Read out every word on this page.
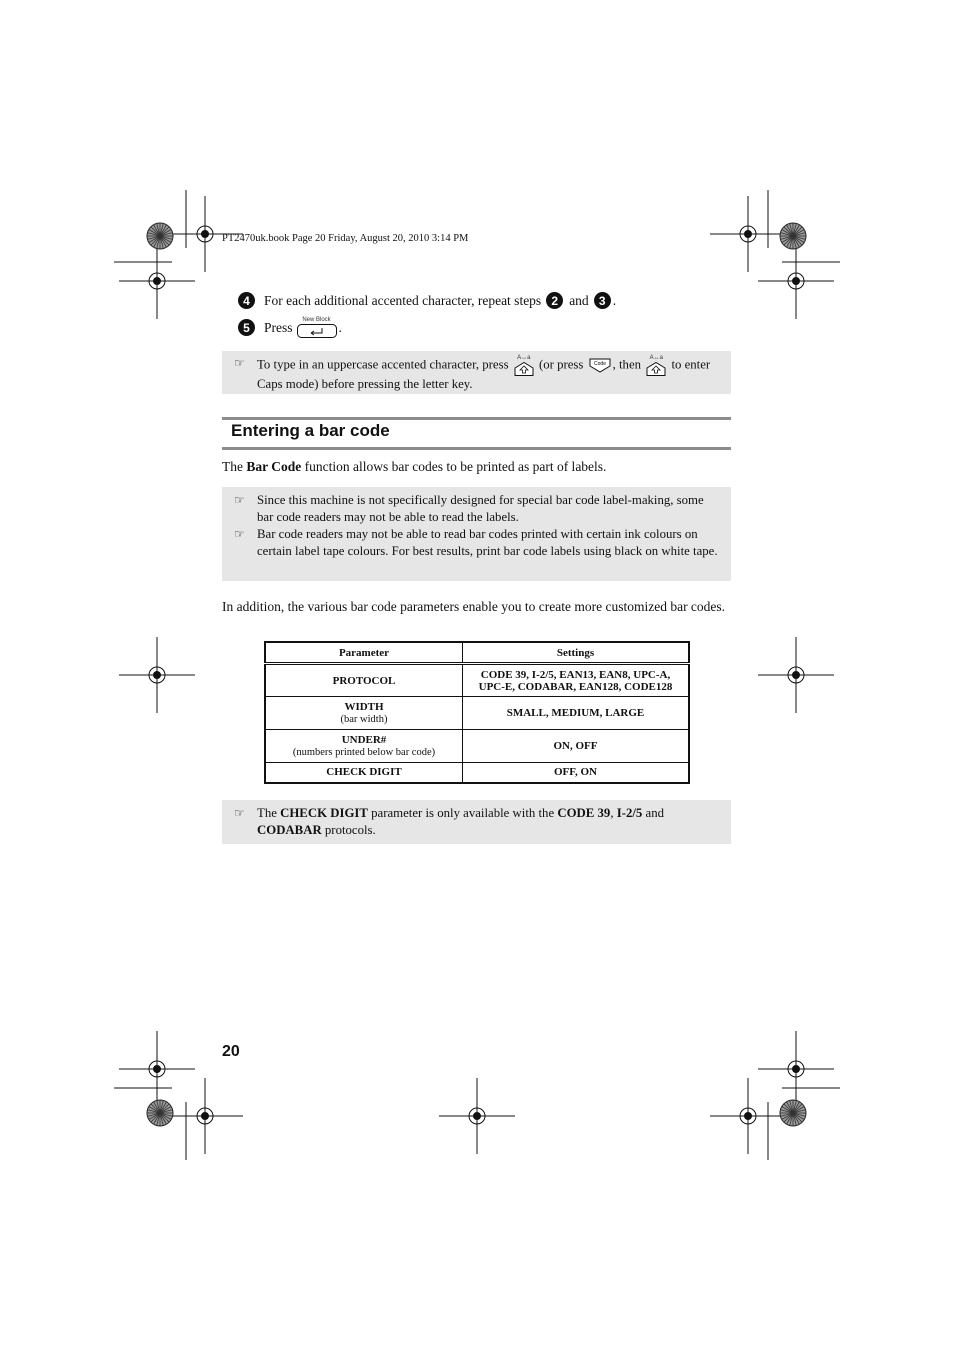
PT2470uk.book Page 20 Friday, August 20, 2010 3:14 PM
4	For each additional accented character, repeat steps 2 and 3 .
5	Press New Block .
☞ To type in an uppercase accented character, press A↔a (or press Code , then A↔a to enter Caps mode) before pressing the letter key.
Entering a bar code
The Bar Code function allows bar codes to be printed as part of labels.
☞ Since this machine is not specifically designed for special bar code label-making, some bar code readers may not be able to read the labels.
☞ Bar code readers may not be able to read bar codes printed with certain ink colours on certain label tape colours. For best results, print bar code labels using black on white tape.
In addition, the various bar code parameters enable you to create more customized bar codes.
Parameter	Settings
PROTOCOL	CODE 39, I-2/5, EAN13, EAN8, UPC-A,
UPC-E, CODABAR, EAN128, CODE128
WIDTH
(bar width)	SMALL, MEDIUM, LARGE
UNDER#
(numbers printed below bar code)	ON, OFF
CHECK DIGIT	OFF, ON
☞ The CHECK DIGIT parameter is only available with the CODE 39, I-2/5 and CODABAR protocols.
20
